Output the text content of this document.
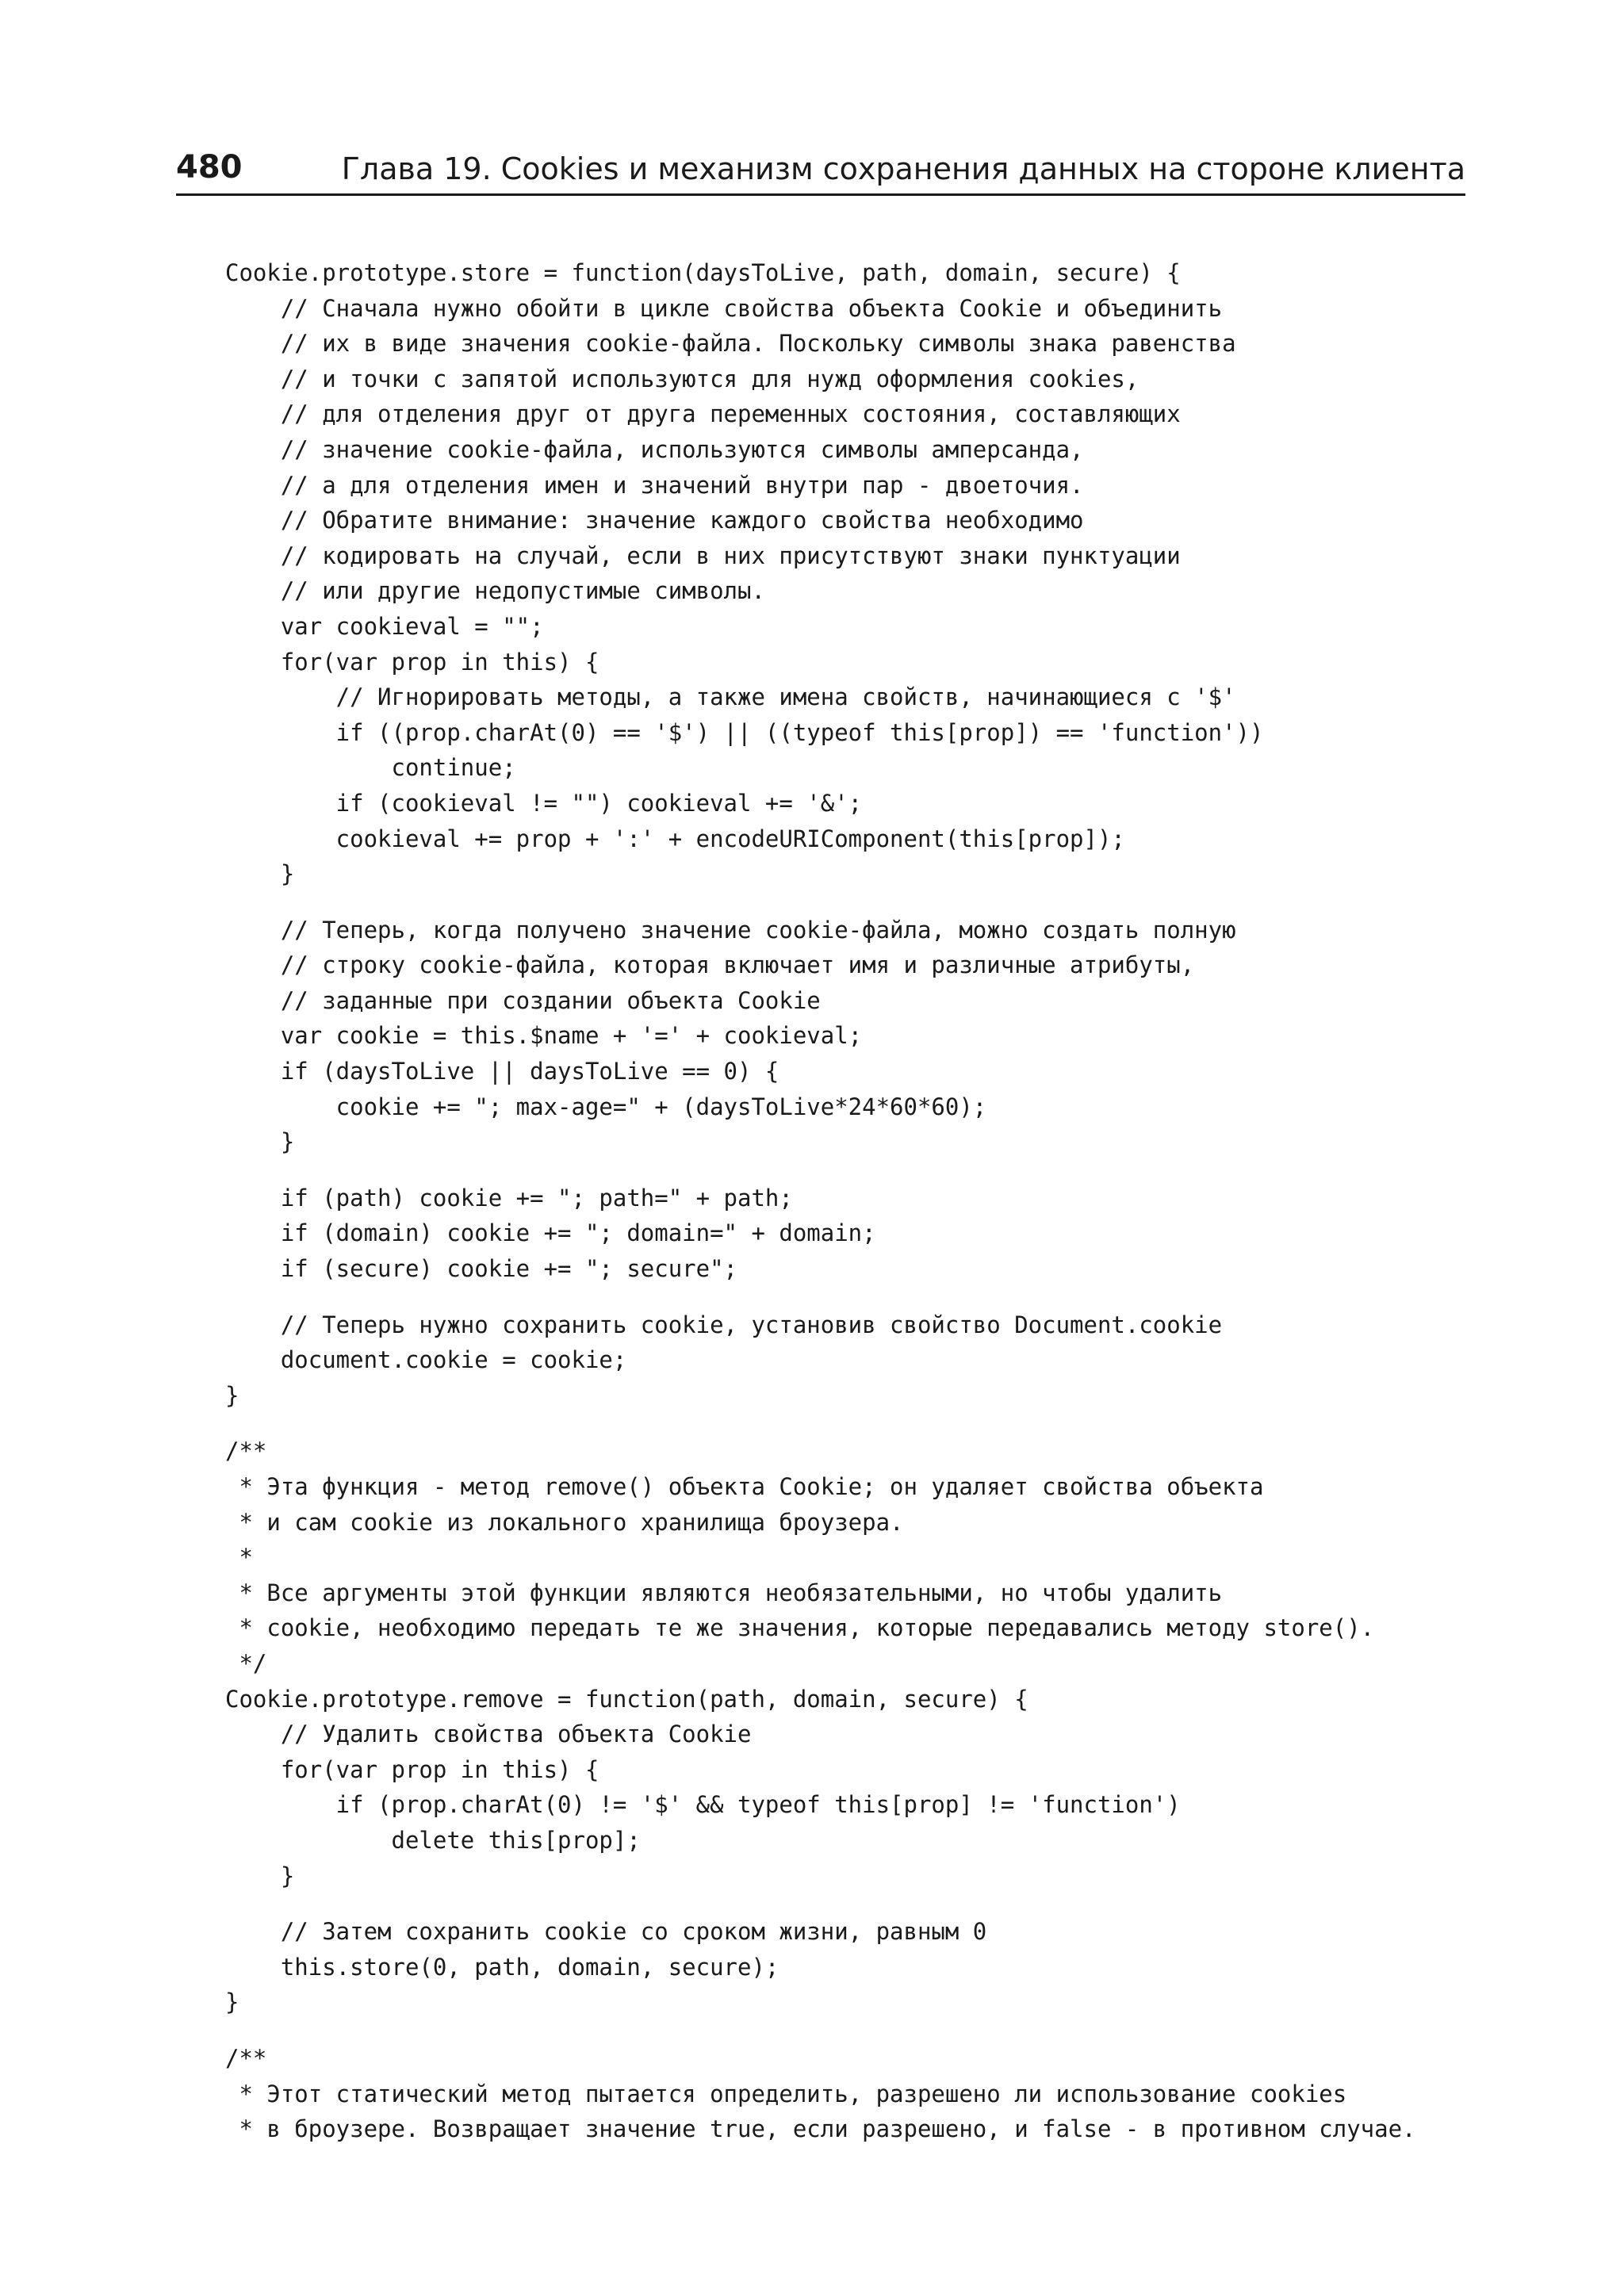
480	Глава 19. Cookies и механизм сохранения данных на стороне клиента
Cookie.prototype.store = function(daysToLive, path, domain, secure) {
// Сначала нужно обойти в цикле свойства объекта Cookie и объединить
// их в виде значения cookie-файла. Поскольку символы знака равенства
// и точки с запятой используются для нужд оформления cookies,
// для отделения друг от друга переменных состояния, составляющих
// значение cookie-файла, используются символы амперсанда,
// а для отделения имен и значений внутри пар - двоеточия.
// Обратите внимание: значение каждого свойства необходимо
// кодировать на случай, если в них присутствуют знаки пунктуации
// или другие недопустимые символы.
var cookieval = "";
for(var prop in this) {
// Игнорировать методы, а также имена свойств, начинающиеся с '$'
if ((prop.charAt(0) == '$') || ((typeof this[prop]) == 'function'))
continue;
if (cookieval != "") cookieval += '&';
cookieval += prop + ':' + encodeURIComponent(this[prop]);
}
// Теперь, когда получено значение cookie-файла, можно создать полную
// строку cookie-файла, которая включает имя и различные атрибуты,
// заданные при создании объекта Cookie
var cookie = this.$name + '=' + cookieval;
if (daysToLive || daysToLive == 0) {
cookie += "; max-age=" + (daysToLive*24*60*60);
}
if (path) cookie += "; path=" + path;
if (domain) cookie += "; domain=" + domain;
if (secure) cookie += "; secure";
// Теперь нужно сохранить cookie, установив свойство Document.cookie
document.cookie = cookie;
}
/**
* Эта функция - метод remove() объекта Cookie; он удаляет свойства объекта
* и сам cookie из локального хранилища броузера.
*
* Все аргументы этой функции являются необязательными, но чтобы удалить
* cookie, необходимо передать те же значения, которые передавались методу store().
*/
Cookie.prototype.remove = function(path, domain, secure) {
// Удалить свойства объекта Cookie
for(var prop in this) {
if (prop.charAt(0) != '$' && typeof this[prop] != 'function')
delete this[prop];
}
// Затем сохранить cookie со сроком жизни, равным 0
this.store(0, path, domain, secure);
}
/**
* Этот статический метод пытается определить, разрешено ли использование cookies
* в броузере. Возвращает значение true, если разрешено, и false - в противном случае.
